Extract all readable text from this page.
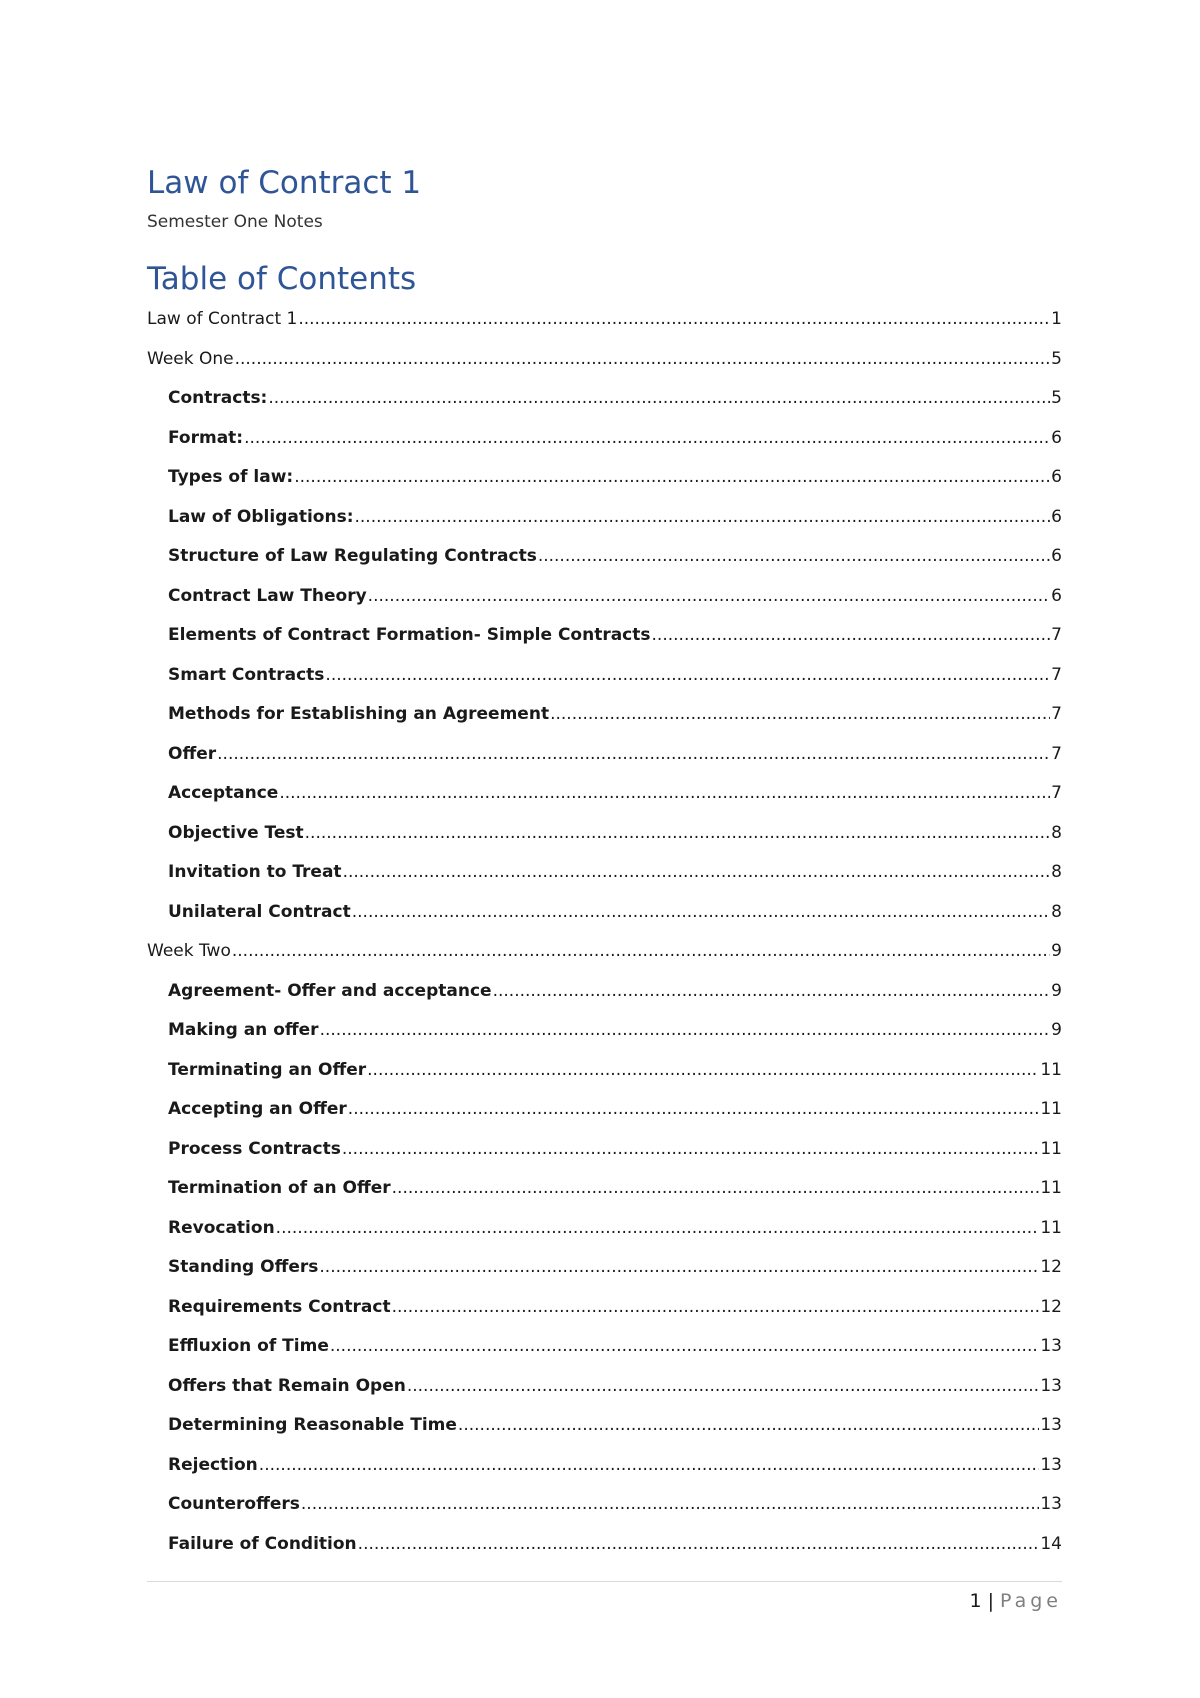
Law of Contract 1
Semester One Notes
Table of Contents
Law of Contract 1 .....	1
Week One .....	5
Contracts: .....	5
Format: .....	6
Types of law: .....	6
Law of Obligations: .....	6
Structure of Law Regulating Contracts .....	6
Contract Law Theory .....	6
Elements of Contract Formation- Simple Contracts .....	7
Smart Contracts .....	7
Methods for Establishing an Agreement .....	7
Offer .....	7
Acceptance .....	7
Objective Test .....	8
Invitation to Treat .....	8
Unilateral Contract .....	8
Week Two .....	9
Agreement- Offer and acceptance .....	9
Making an offer .....	9
Terminating an Offer .....	11
Accepting an Offer .....	11
Process Contracts .....	11
Termination of an Offer .....	11
Revocation .....	11
Standing Offers .....	12
Requirements Contract .....	12
Effluxion of Time .....	13
Offers that Remain Open .....	13
Determining Reasonable Time .....	13
Rejection .....	13
Counteroffers .....	13
Failure of Condition .....	14
1 | Page
